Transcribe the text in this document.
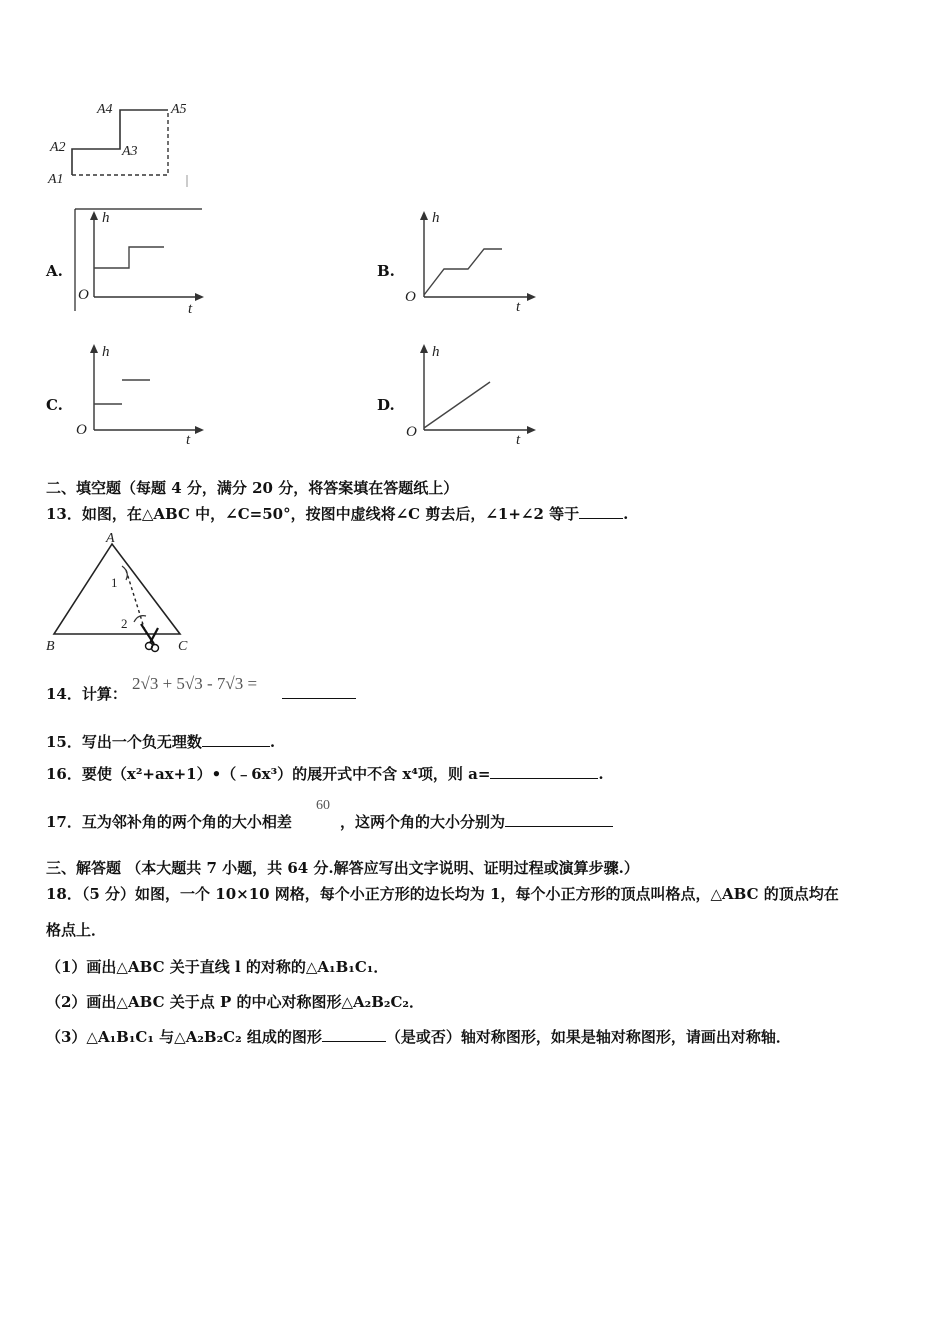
A4	A5
A2	A3
A1
A.
h
O
t
B.
h
O
t
C.
h
O
t
D.
h
O	t
二、填空题（每题 4 分，满分 20 分，将答案填在答题纸上）
13．如图，在△ABC 中，∠C=50°，按图中虚线将∠C 剪去后，∠1+∠2 等于	.
A
B	C
1
2
14．计算：
2√3 + 5√3 - 7√3 =
15．写出一个负无理数	.
16．要使（x²+ax+1）•（﹣6x³）的展开式中不含 x⁴项，则 a=	.
17．互为邻补角的两个角的大小相差
60
，这两个角的大小分别为
三、解答题 （本大题共 7 小题，共 64 分.解答应写出文字说明、证明过程或演算步骤.）
18．（5 分）如图，一个 10×10 网格，每个小正方形的边长均为 1，每个小正方形的顶点叫格点，△ABC 的顶点均在
格点上．
（1）画出△ABC 关于直线 l 的对称的△A₁B₁C₁．
（2）画出△ABC 关于点 P 的中心对称图形△A₂B₂C₂．
（3）△A₁B₁C₁ 与△A₂B₂C₂ 组成的图形	（是或否）轴对称图形，如果是轴对称图形，请画出对称轴．
